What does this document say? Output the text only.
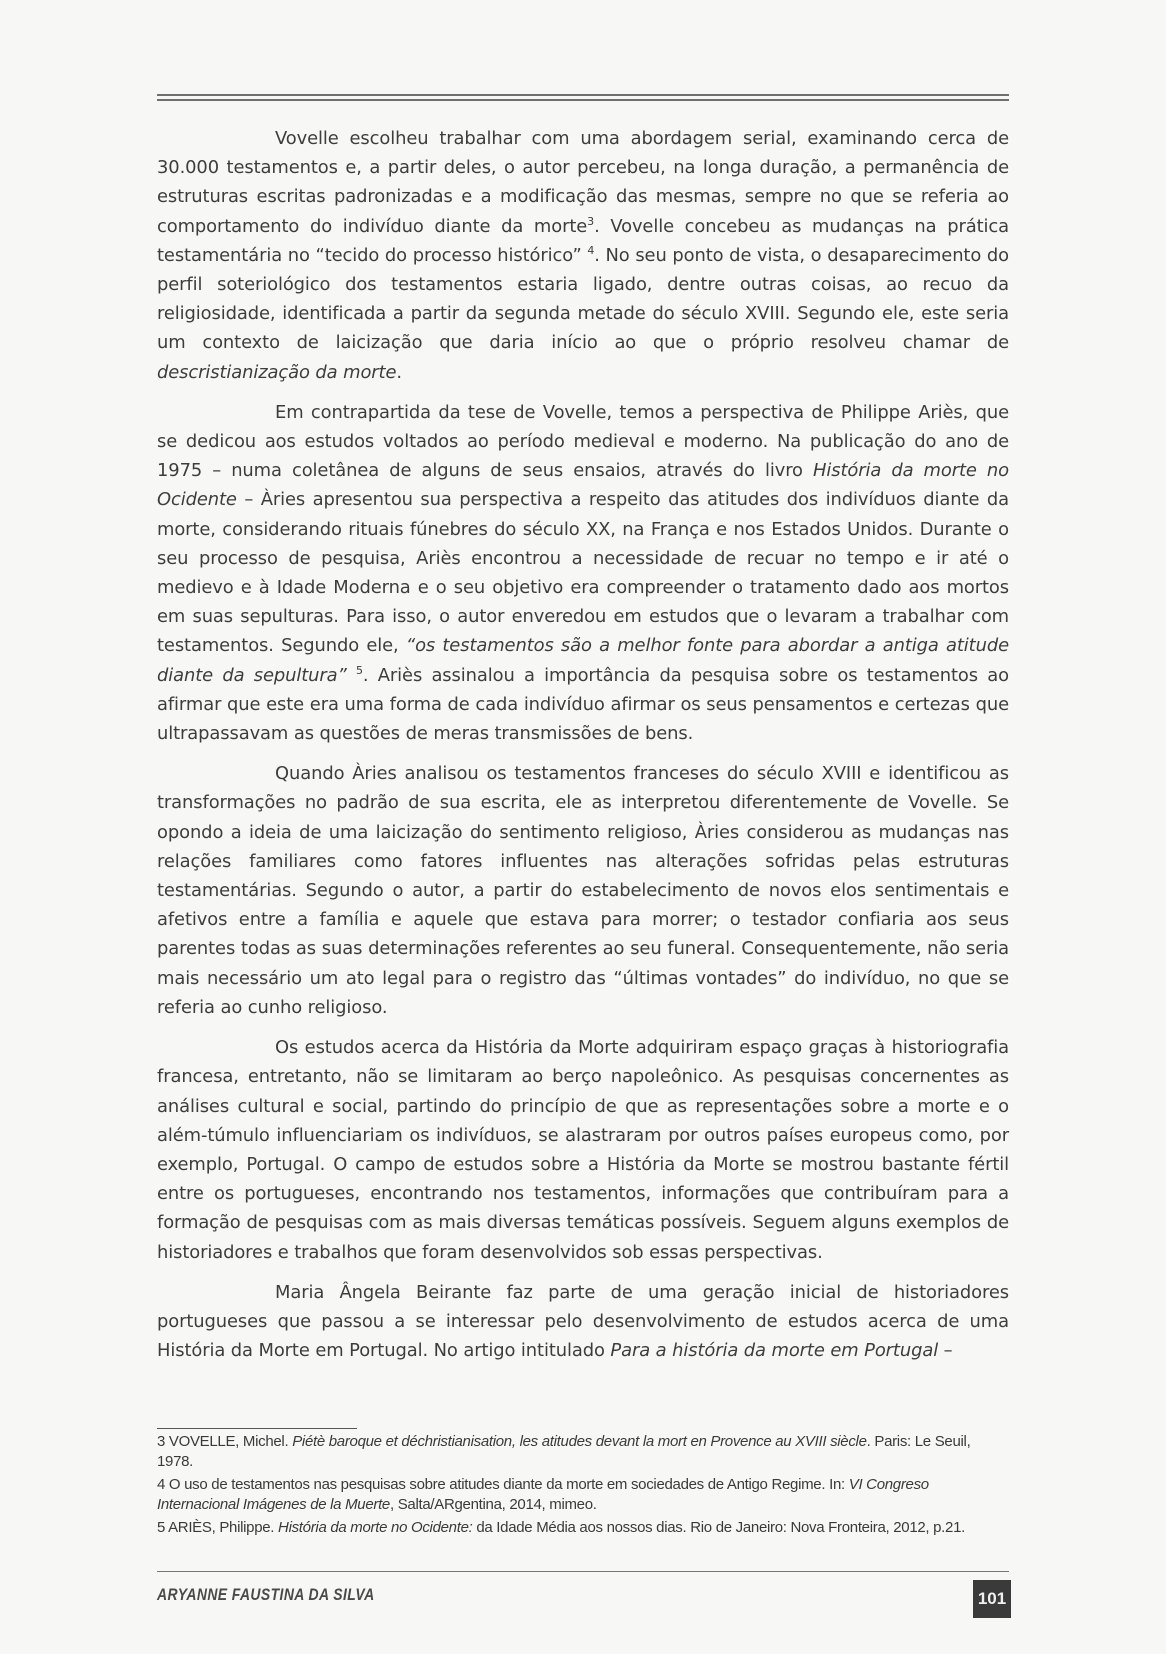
Vovelle escolheu trabalhar com uma abordagem serial, examinando cerca de 30.000 testamentos e, a partir deles, o autor percebeu, na longa duração, a permanência de estruturas escritas padronizadas e a modificação das mesmas, sempre no que se referia ao comportamento do indivíduo diante da morte$^3$. Vovelle concebeu as mudanças na prática testamentária no “tecido do processo histórico” $^4$. No seu ponto de vista, o desaparecimento do perfil soteriológico dos testamentos estaria ligado, dentre outras coisas, ao recuo da religiosidade, identificada a partir da segunda metade do século XVIII. Segundo ele, este seria um contexto de laicização que daria início ao que o próprio resolveu chamar de descristianização da morte.

Em contrapartida da tese de Vovelle, temos a perspectiva de Philippe Ariès, que se dedicou aos estudos voltados ao período medieval e moderno. Na publicação do ano de 1975 – numa coletânea de alguns de seus ensaios, através do livro História da morte no Ocidente – Àries apresentou sua perspectiva a respeito das atitudes dos indivíduos diante da morte, considerando rituais fúnebres do século XX, na França e nos Estados Unidos. Durante o seu processo de pesquisa, Ariès encontrou a necessidade de recuar no tempo e ir até o medievo e à Idade Moderna e o seu objetivo era compreender o tratamento dado aos mortos em suas sepulturas. Para isso, o autor enveredou em estudos que o levaram a trabalhar com testamentos. Segundo ele, “os testamentos são a melhor fonte para abordar a antiga atitude diante da sepultura” $^5$. Ariès assinalou a importância da pesquisa sobre os testamentos ao afirmar que este era uma forma de cada indivíduo afirmar os seus pensamentos e certezas que ultrapassavam as questões de meras transmissões de bens.

Quando Àries analisou os testamentos franceses do século XVIII e identificou as transformações no padrão de sua escrita, ele as interpretou diferentemente de Vovelle. Se opondo a ideia de uma laicização do sentimento religioso, Àries considerou as mudanças nas relações familiares como fatores influentes nas alterações sofridas pelas estruturas testamentárias. Segundo o autor, a partir do estabelecimento de novos elos sentimentais e afetivos entre a família e aquele que estava para morrer; o testador confiaria aos seus parentes todas as suas determinações referentes ao seu funeral. Consequentemente, não seria mais necessário um ato legal para o registro das “últimas vontades” do indivíduo, no que se referia ao cunho religioso.

Os estudos acerca da História da Morte adquiriram espaço graças à historiografia francesa, entretanto, não se limitaram ao berço napoleônico. As pesquisas concernentes as análises cultural e social, partindo do princípio de que as representações sobre a morte e o além-túmulo influenciariam os indivíduos, se alastraram por outros países europeus como, por exemplo, Portugal. O campo de estudos sobre a História da Morte se mostrou bastante fértil entre os portugueses, encontrando nos testamentos, informações que contribuíram para a formação de pesquisas com as mais diversas temáticas possíveis. Seguem alguns exemplos de historiadores e trabalhos que foram desenvolvidos sob essas perspectivas.

Maria Ângela Beirante faz parte de uma geração inicial de historiadores portugueses que passou a se interessar pelo desenvolvimento de estudos acerca de uma História da Morte em Portugal. No artigo intitulado Para a história da morte em Portugal –

3 VOVELLE, Michel. Piétè baroque et déchristianisation, les atitudes devant la mort en Provence au XVIII siècle. Paris: Le Seuil, 1978.

4 O uso de testamentos nas pesquisas sobre atitudes diante da morte em sociedades de Antigo Regime. In: VI Congreso Internacional Imágenes de la Muerte, Salta/ARgentina, 2014, mimeo.

5 ARIÈS, Philippe. História da morte no Ocidente: da Idade Média aos nossos dias. Rio de Janeiro: Nova Fronteira, 2012, p.21.

ARYANNE FAUSTINA DA SILVA	101
